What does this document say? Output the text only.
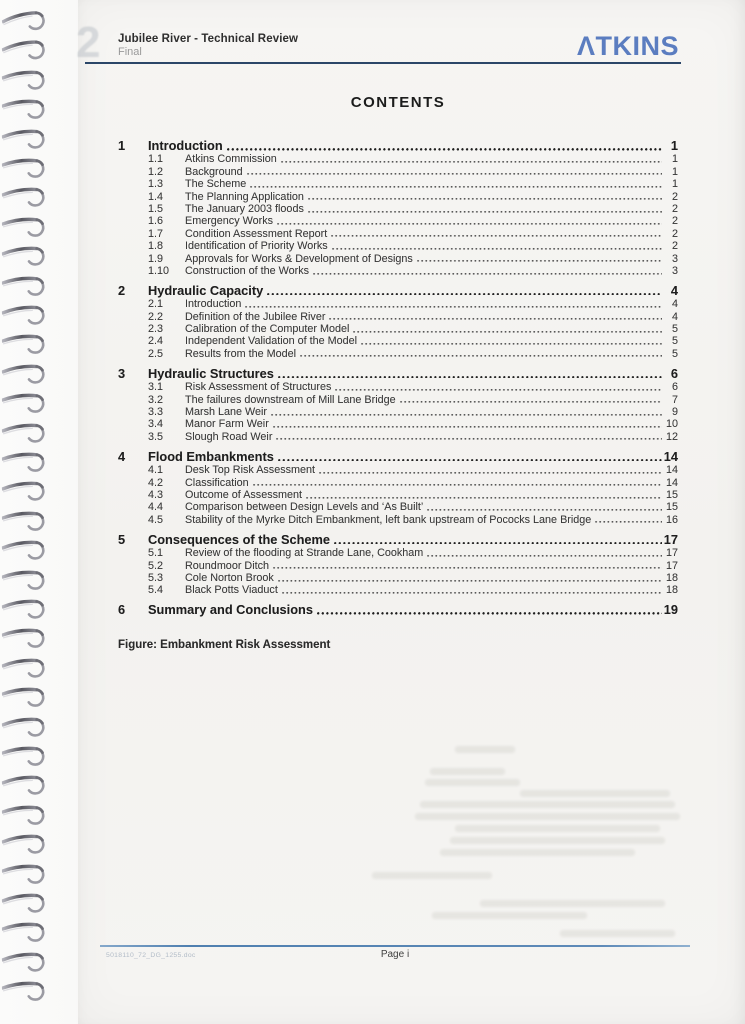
2 Jubilee River - Technical Review
Final	ΛTKINS
CONTENTS
1	Introduction	1
1.1	Atkins Commission	1
1.2	Background	1
1.3	The Scheme	1
1.4	The Planning Application	2
1.5	The January 2003 floods	2
1.6	Emergency Works	2
1.7	Condition Assessment Report	2
1.8	Identification of Priority Works	2
1.9	Approvals for Works & Development of Designs	3
1.10	Construction of the Works	3
2	Hydraulic Capacity	4
2.1	Introduction	4
2.2	Definition of the Jubilee River	4
2.3	Calibration of the Computer Model	5
2.4	Independent Validation of the Model	5
2.5	Results from the Model	5
3	Hydraulic Structures	6
3.1	Risk Assessment of Structures	6
3.2	The failures downstream of Mill Lane Bridge	7
3.3	Marsh Lane Weir	9
3.4	Manor Farm Weir	10
3.5	Slough Road Weir	12
4	Flood Embankments	14
4.1	Desk Top Risk Assessment	14
4.2	Classification	14
4.3	Outcome of Assessment	15
4.4	Comparison between Design Levels and ‘As Built’	15
4.5	Stability of the Myrke Ditch Embankment, left bank upstream of Pococks Lane Bridge	16
5	Consequences of the Scheme	17
5.1	Review of the flooding at Strande Lane, Cookham	17
5.2	Roundmoor Ditch	17
5.3	Cole Norton Brook	18
5.4	Black Potts Viaduct	18
6	Summary and Conclusions	19
Figure: Embankment Risk Assessment
5018110_72_DG_1255.doc	Page i
